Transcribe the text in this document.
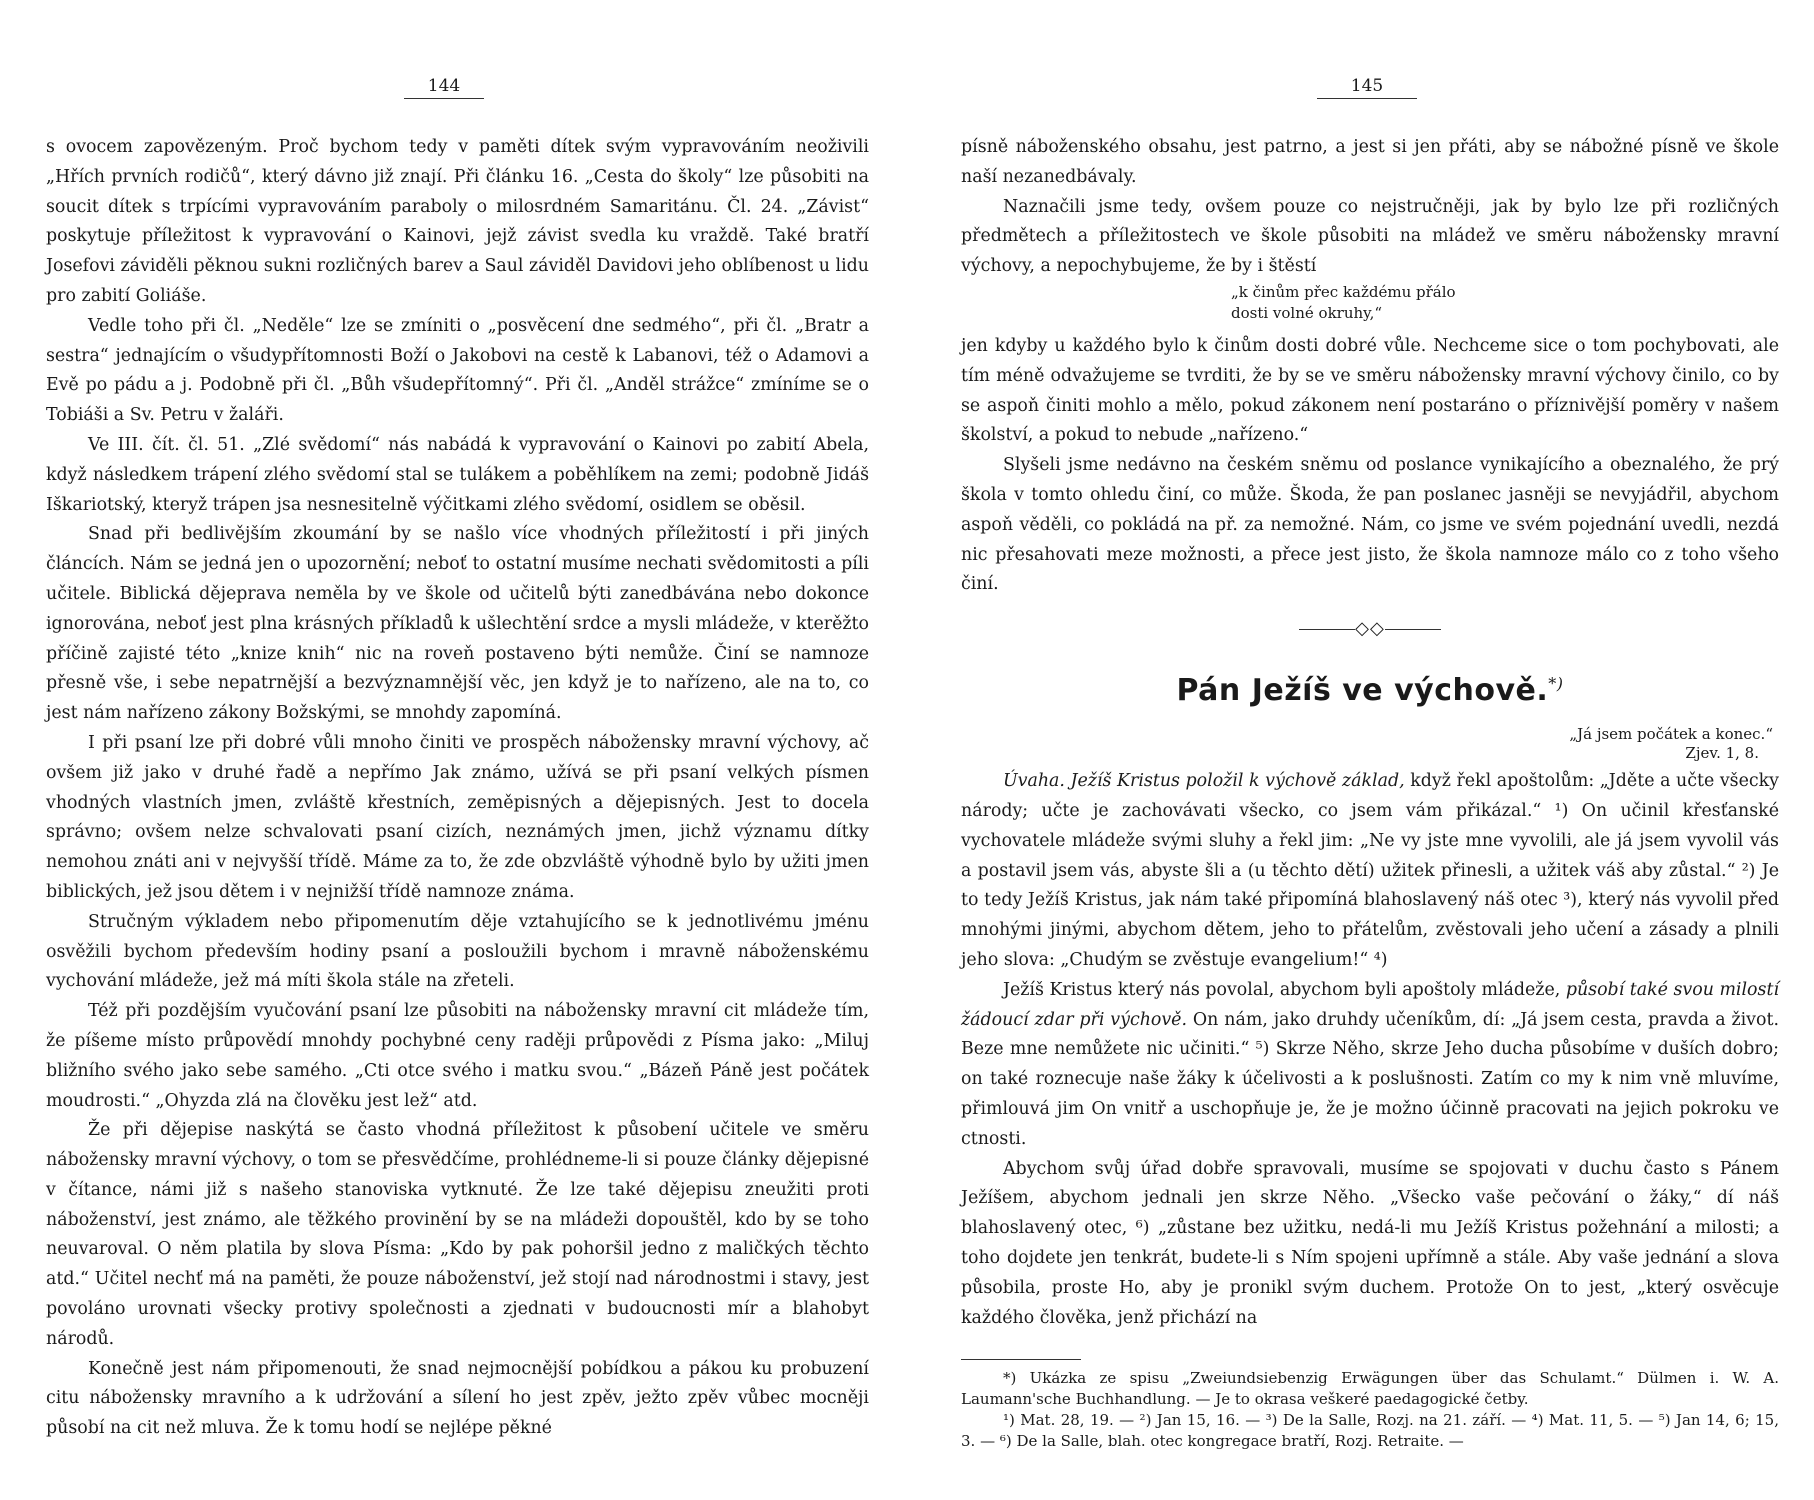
144

s ovocem zapovězeným. Proč bychom tedy v paměti dítek svým vypravováním neoživili „Hřích prvních rodičů“, který dávno již znají. Při článku 16. „Cesta do školy“ lze působiti na soucit dítek s trpícími vypravováním paraboly o milosrdném Samaritánu. Čl. 24. „Závist“ poskytuje příležitost k vypravování o Kainovi, jejž závist svedla ku vraždě. Také bratří Josefovi záviděli pěknou sukni rozličných barev a Saul záviděl Davidovi jeho oblíbenost u lidu pro zabití Goliáše.

Vedle toho při čl. „Neděle“ lze se zmíniti o „posvěcení dne sedmého“, při čl. „Bratr a sestra“ jednajícím o všudypřítomnosti Boží o Jakobovi na cestě k Labanovi, též o Adamovi a Evě po pádu a j. Podobně při čl. „Bůh všudepřítomný“. Při čl. „Anděl strážce“ zmíníme se o Tobiáši a Sv. Petru v žaláři.

Ve III. čít. čl. 51. „Zlé svědomí“ nás nabádá k vypravování o Kainovi po zabití Abela, když následkem trápení zlého svědomí stal se tulákem a poběhlíkem na zemi; podobně Jidáš Iškariotský, kteryž trápen jsa nesnesitelně výčitkami zlého svědomí, osidlem se oběsil.

Snad při bedlivějším zkoumání by se našlo více vhodných příležitostí i při jiných článcích. Nám se jedná jen o upozornění; neboť to ostatní musíme nechati svědomitosti a píli učitele. Biblická dějeprava neměla by ve škole od učitelů býti zanedbávána nebo dokonce ignorována, neboť jest plna krásných příkladů k ušlechtění srdce a mysli mládeže, v kterěžto příčině zajisté této „knize knih“ nic na roveň postaveno býti nemůže. Činí se namnoze přesně vše, i sebe nepatrnější a bezvýznamnější věc, jen když je to nařízeno, ale na to, co jest nám nařízeno zákony Božskými, se mnohdy zapomíná.

I při psaní lze při dobré vůli mnoho činiti ve prospěch nábožensky mravní výchovy, ač ovšem již jako v druhé řadě a nepřímo Jak známo, užívá se při psaní velkých písmen vhodných vlastních jmen, zvláště křestních, zeměpisných a dějepisných. Jest to docela správno; ovšem nelze schvalovati psaní cizích, neznámých jmen, jichž významu dítky nemohou znáti ani v nejvyšší třídě. Máme za to, že zde obzvláště výhodně bylo by užiti jmen biblických, jež jsou dětem i v nejnižší třídě namnoze známa.

Stručným výkladem nebo připomenutím děje vztahujícího se k jednotlivému jménu osvěžili bychom především hodiny psaní a posloužili bychom i mravně náboženskému vychování mládeže, jež má míti škola stále na zřeteli.

Též při pozdějším vyučování psaní lze působiti na nábožensky mravní cit mládeže tím, že píšeme místo průpovědí mnohdy pochybné ceny raději průpovědi z Písma jako: „Miluj bližního svého jako sebe samého. „Cti otce svého i matku svou.“ „Bázeň Páně jest počátek moudrosti.“ „Ohyzda zlá na člověku jest lež“ atd.

Že při dějepise naskýtá se často vhodná příležitost k působení učitele ve směru nábožensky mravní výchovy, o tom se přesvědčíme, prohlédneme-li si pouze články dějepisné v čítance, námi již s našeho stanoviska vytknuté. Že lze také dějepisu zneužiti proti náboženství, jest známo, ale těžkého provinění by se na mládeži dopouštěl, kdo by se toho neuvaroval. O něm platila by slova Písma: „Kdo by pak pohoršil jedno z maličkých těchto atd.“ Učitel nechť má na paměti, že pouze náboženství, jež stojí nad národnostmi i stavy, jest povoláno urovnati všecky protivy společnosti a zjednati v budoucnosti mír a blahobyt národů.

Konečně jest nám připomenouti, že snad nejmocnější pobídkou a pákou ku probuzení citu nábožensky mravního a k udržování a sílení ho jest zpěv, ježto zpěv vůbec mocněji působí na cit než mluva. Že k tomu hodí se nejlépe pěkné

145

písně náboženského obsahu, jest patrno, a jest si jen přáti, aby se nábožné písně ve škole naší nezanedbávaly.

Naznačili jsme tedy, ovšem pouze co nejstručněji, jak by bylo lze při rozličných předmětech a příležitostech ve škole působiti na mládež ve směru nábožensky mravní výchovy, a nepochybujeme, že by i štěstí

„k činům přec každému přálo
dosti volné okruhy,“

jen kdyby u každého bylo k činům dosti dobré vůle. Nechceme sice o tom pochybovati, ale tím méně odvažujeme se tvrditi, že by se ve směru nábožensky mravní výchovy činilo, co by se aspoň činiti mohlo a mělo, pokud zákonem není postaráno o příznivější poměry v našem školství, a pokud to nebude „nařízeno.“

Slyšeli jsme nedávno na českém sněmu od poslance vynikajícího a obeznalého, že prý škola v tomto ohledu činí, co může. Škoda, že pan poslanec jasněji se nevyjádřil, abychom aspoň věděli, co pokládá na př. za nemožné. Nám, co jsme ve svém pojednání uvedli, nezdá nic přesahovati meze možnosti, a přece jest jisto, že škola namnoze málo co z toho všeho činí.

◇◇
Pán Ježíš ve výchově.*)
„Já jsem počátek a konec.“
Zjev. 1, 8.

Úvaha. Ježíš Kristus položil k výchově základ, když řekl apoštolům: „Jděte a učte všecky národy; učte je zachovávati všecko, co jsem vám přikázal.“ ¹) On učinil křesťanské vychovatele mládeže svými sluhy a řekl jim: „Ne vy jste mne vyvolili, ale já jsem vyvolil vás a postavil jsem vás, abyste šli a (u těchto dětí) užitek přinesli, a užitek váš aby zůstal.“ ²) Je to tedy Ježíš Kristus, jak nám také připomíná blahoslavený náš otec ³), který nás vyvolil před mnohými jinými, abychom dětem, jeho to přátelům, zvěstovali jeho učení a zásady a plnili jeho slova: „Chudým se zvěstuje evangelium!“ ⁴)

Ježíš Kristus který nás povolal, abychom byli apoštoly mládeže, působí také svou milostí žádoucí zdar při výchově. On nám, jako druhdy učeníkům, dí: „Já jsem cesta, pravda a život. Beze mne nemůžete nic učiniti.“ ⁵) Skrze Něho, skrze Jeho ducha působíme v duších dobro; on také roznecuje naše žáky k účelivosti a k poslušnosti. Zatím co my k nim vně mluvíme, přimlouvá jim On vnitř a uschopňuje je, že je možno účinně pracovati na jejich pokroku ve ctnosti.

Abychom svůj úřad dobře spravovali, musíme se spojovati v duchu často s Pánem Ježíšem, abychom jednali jen skrze Něho. „Všecko vaše pečování o žáky,“ dí náš blahoslavený otec, ⁶) „zůstane bez užitku, nedá-li mu Ježíš Kristus požehnání a milosti; a toho dojdete jen tenkrát, budete-li s Ním spojeni upřímně a stále. Aby vaše jednání a slova působila, proste Ho, aby je pronikl svým duchem. Protože On to jest, „který osvěcuje každého člověka, jenž přichází na

*) Ukázka ze spisu „Zweiundsiebenzig Erwägungen über das Schulamt.“ Dülmen i. W. A. Laumann'sche Buchhandlung. — Je to okrasa veškeré paedagogické četby.

¹) Mat. 28, 19. — ²) Jan 15, 16. — ³) De la Salle, Rozj. na 21. září. — ⁴) Mat. 11, 5. — ⁵) Jan 14, 6; 15, 3. — ⁶) De la Salle, blah. otec kongregace bratří, Rozj. Retraite. —
